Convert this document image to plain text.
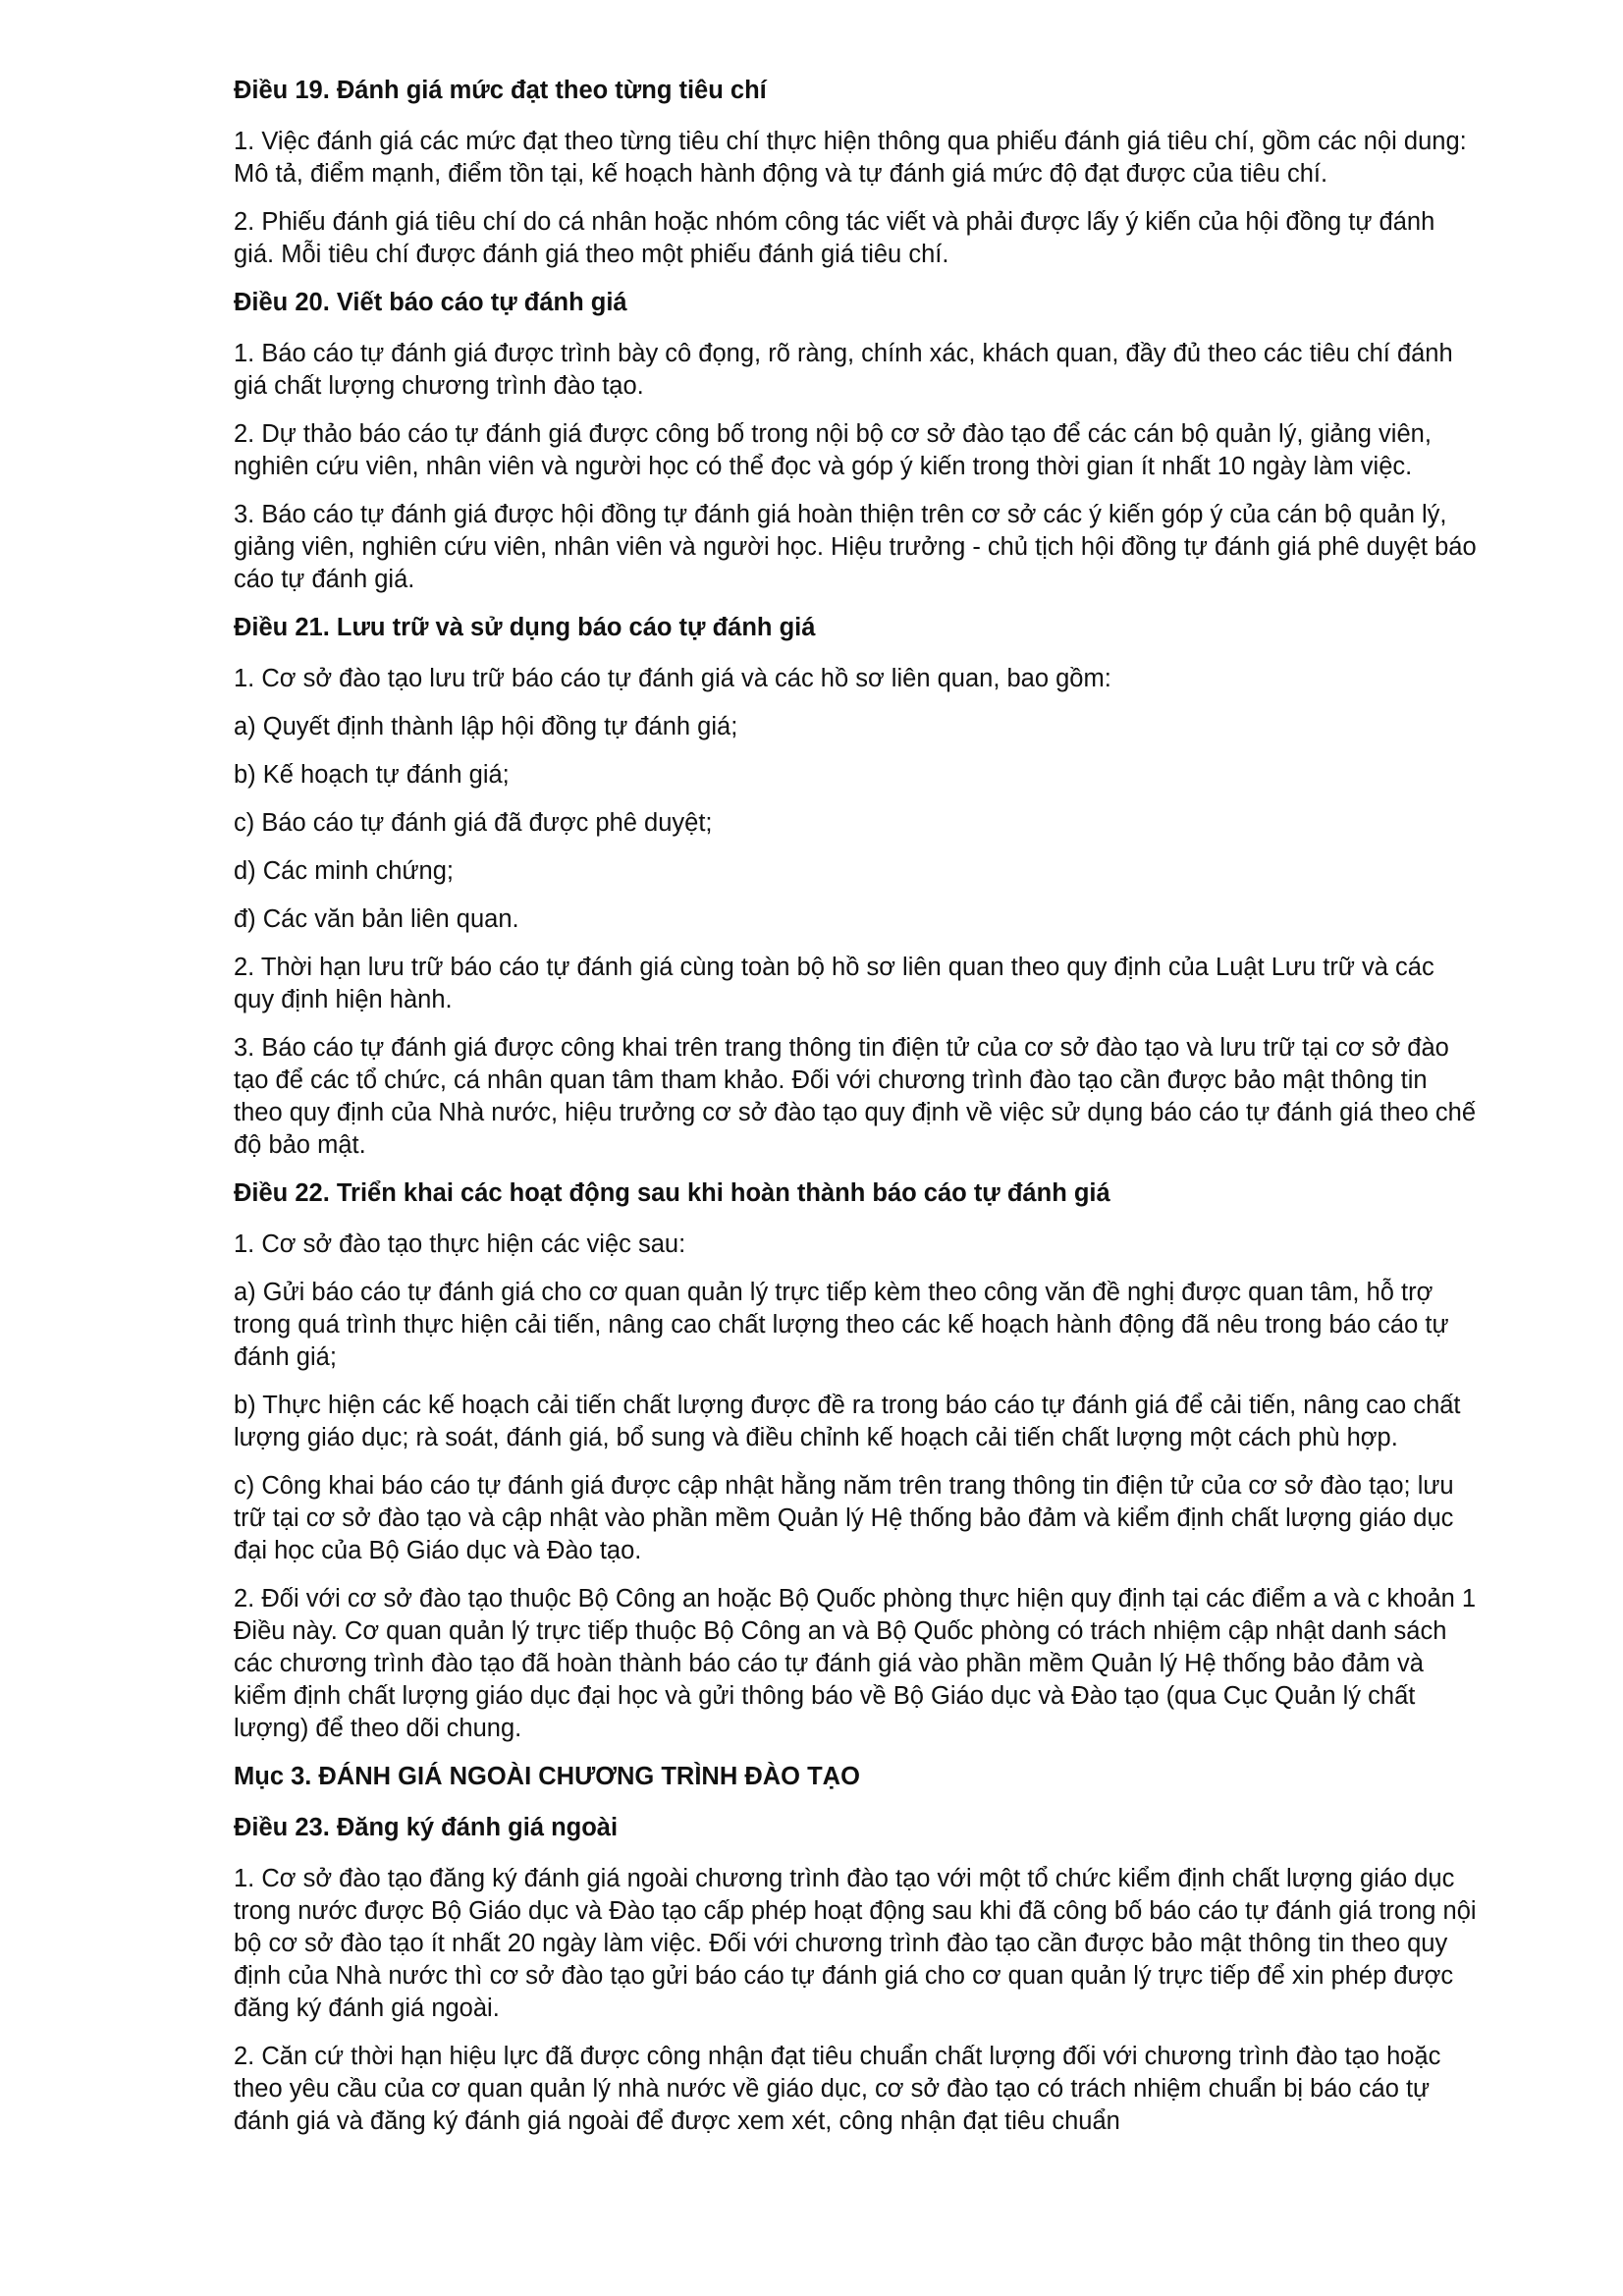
Điều 19. Đánh giá mức đạt theo từng tiêu chí
1. Việc đánh giá các mức đạt theo từng tiêu chí thực hiện thông qua phiếu đánh giá tiêu chí, gồm các nội dung: Mô tả, điểm mạnh, điểm tồn tại, kế hoạch hành động và tự đánh giá mức độ đạt được của tiêu chí.
2. Phiếu đánh giá tiêu chí do cá nhân hoặc nhóm công tác viết và phải được lấy ý kiến của hội đồng tự đánh giá. Mỗi tiêu chí được đánh giá theo một phiếu đánh giá tiêu chí.
Điều 20. Viết báo cáo tự đánh giá
1. Báo cáo tự đánh giá được trình bày cô đọng, rõ ràng, chính xác, khách quan, đầy đủ theo các tiêu chí đánh giá chất lượng chương trình đào tạo.
2. Dự thảo báo cáo tự đánh giá được công bố trong nội bộ cơ sở đào tạo để các cán bộ quản lý, giảng viên, nghiên cứu viên, nhân viên và người học có thể đọc và góp ý kiến trong thời gian ít nhất 10 ngày làm việc.
3. Báo cáo tự đánh giá được hội đồng tự đánh giá hoàn thiện trên cơ sở các ý kiến góp ý của cán bộ quản lý, giảng viên, nghiên cứu viên, nhân viên và người học. Hiệu trưởng - chủ tịch hội đồng tự đánh giá phê duyệt báo cáo tự đánh giá.
Điều 21. Lưu trữ và sử dụng báo cáo tự đánh giá
1. Cơ sở đào tạo lưu trữ báo cáo tự đánh giá và các hồ sơ liên quan, bao gồm:
a) Quyết định thành lập hội đồng tự đánh giá;
b) Kế hoạch tự đánh giá;
c) Báo cáo tự đánh giá đã được phê duyệt;
d) Các minh chứng;
đ) Các văn bản liên quan.
2. Thời hạn lưu trữ báo cáo tự đánh giá cùng toàn bộ hồ sơ liên quan theo quy định của Luật Lưu trữ và các quy định hiện hành.
3. Báo cáo tự đánh giá được công khai trên trang thông tin điện tử của cơ sở đào tạo và lưu trữ tại cơ sở đào tạo để các tổ chức, cá nhân quan tâm tham khảo. Đối với chương trình đào tạo cần được bảo mật thông tin theo quy định của Nhà nước, hiệu trưởng cơ sở đào tạo quy định về việc sử dụng báo cáo tự đánh giá theo chế độ bảo mật.
Điều 22. Triển khai các hoạt động sau khi hoàn thành báo cáo tự đánh giá
1. Cơ sở đào tạo thực hiện các việc sau:
a) Gửi báo cáo tự đánh giá cho cơ quan quản lý trực tiếp kèm theo công văn đề nghị được quan tâm, hỗ trợ trong quá trình thực hiện cải tiến, nâng cao chất lượng theo các kế hoạch hành động đã nêu trong báo cáo tự đánh giá;
b) Thực hiện các kế hoạch cải tiến chất lượng được đề ra trong báo cáo tự đánh giá để cải tiến, nâng cao chất lượng giáo dục; rà soát, đánh giá, bổ sung và điều chỉnh kế hoạch cải tiến chất lượng một cách phù hợp.
c) Công khai báo cáo tự đánh giá được cập nhật hằng năm trên trang thông tin điện tử của cơ sở đào tạo; lưu trữ tại cơ sở đào tạo và cập nhật vào phần mềm Quản lý Hệ thống bảo đảm và kiểm định chất lượng giáo dục đại học của Bộ Giáo dục và Đào tạo.
2. Đối với cơ sở đào tạo thuộc Bộ Công an hoặc Bộ Quốc phòng thực hiện quy định tại các điểm a và c khoản 1 Điều này. Cơ quan quản lý trực tiếp thuộc Bộ Công an và Bộ Quốc phòng có trách nhiệm cập nhật danh sách các chương trình đào tạo đã hoàn thành báo cáo tự đánh giá vào phần mềm Quản lý Hệ thống bảo đảm và kiểm định chất lượng giáo dục đại học và gửi thông báo về Bộ Giáo dục và Đào tạo (qua Cục Quản lý chất lượng) để theo dõi chung.
Mục 3. ĐÁNH GIÁ NGOÀI CHƯƠNG TRÌNH ĐÀO TẠO
Điều 23. Đăng ký đánh giá ngoài
1. Cơ sở đào tạo đăng ký đánh giá ngoài chương trình đào tạo với một tổ chức kiểm định chất lượng giáo dục trong nước được Bộ Giáo dục và Đào tạo cấp phép hoạt động sau khi đã công bố báo cáo tự đánh giá trong nội bộ cơ sở đào tạo ít nhất 20 ngày làm việc. Đối với chương trình đào tạo cần được bảo mật thông tin theo quy định của Nhà nước thì cơ sở đào tạo gửi báo cáo tự đánh giá cho cơ quan quản lý trực tiếp để xin phép được đăng ký đánh giá ngoài.
2. Căn cứ thời hạn hiệu lực đã được công nhận đạt tiêu chuẩn chất lượng đối với chương trình đào tạo hoặc theo yêu cầu của cơ quan quản lý nhà nước về giáo dục, cơ sở đào tạo có trách nhiệm chuẩn bị báo cáo tự đánh giá và đăng ký đánh giá ngoài để được xem xét, công nhận đạt tiêu chuẩn
